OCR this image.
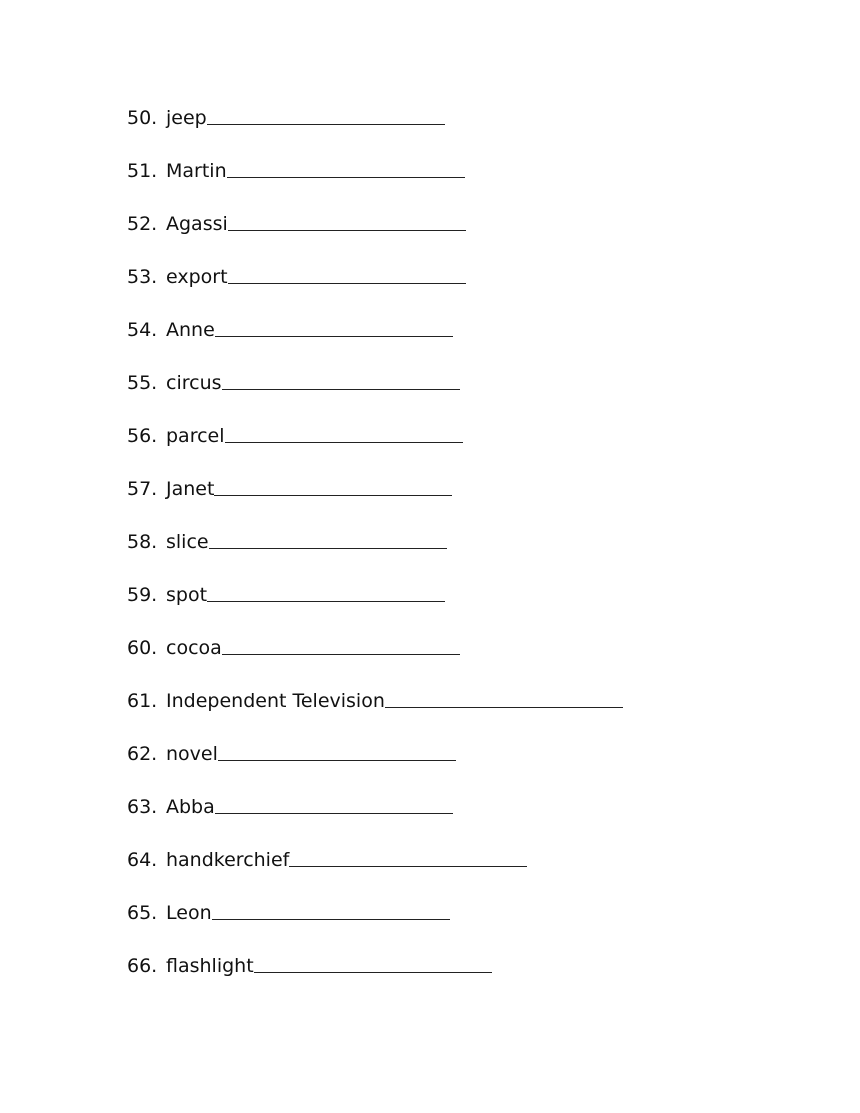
50. jeep
51. Martin
52. Agassi
53. export
54. Anne
55. circus
56. parcel
57. Janet
58. slice
59. spot
60. cocoa
61. Independent Television
62. novel
63. Abba
64. handkerchief
65. Leon
66. flashlight
